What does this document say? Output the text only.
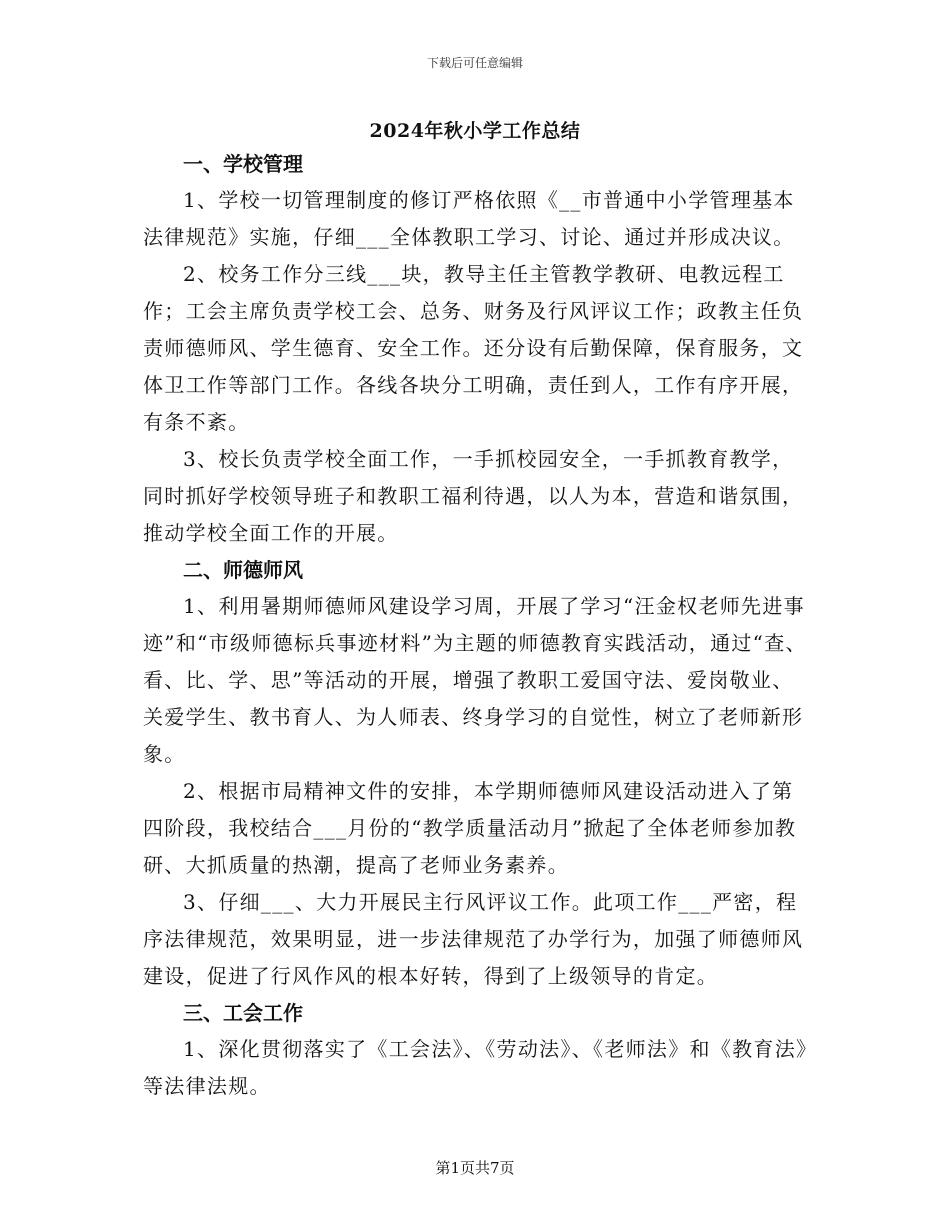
下载后可任意编辑
2024年秋小学工作总结

一、学校管理

1、学校一切管理制度的修订严格依照《__市普通中小学管理基本法律规范》实施，仔细___全体教职工学习、讨论、通过并形成决议。

2、校务工作分三线___块，教导主任主管教学教研、电教远程工作；工会主席负责学校工会、总务、财务及行风评议工作；政教主任负责师德师风、学生德育、安全工作。还分设有后勤保障，保育服务，文体卫工作等部门工作。各线各块分工明确，责任到人，工作有序开展，有条不紊。

3、校长负责学校全面工作，一手抓校园安全，一手抓教育教学，同时抓好学校领导班子和教职工福利待遇，以人为本，营造和谐氛围，推动学校全面工作的开展。

二、师德师风

1、利用暑期师德师风建设学习周，开展了学习“汪金权老师先进事迹”和“市级师德标兵事迹材料”为主题的师德教育实践活动，通过“查、看、比、学、思”等活动的开展，增强了教职工爱国守法、爱岗敬业、关爱学生、教书育人、为人师表、终身学习的自觉性，树立了老师新形象。

2、根据市局精神文件的安排，本学期师德师风建设活动进入了第四阶段，我校结合___月份的“教学质量活动月”掀起了全体老师参加教研、大抓质量的热潮，提高了老师业务素养。

3、仔细___、大力开展民主行风评议工作。此项工作___严密，程序法律规范，效果明显，进一步法律规范了办学行为，加强了师德师风建设，促进了行风作风的根本好转，得到了上级领导的肯定。

三、工会工作

1、深化贯彻落实了《工会法》、《劳动法》、《老师法》和《教育法》等法律法规。

第1页共7页
